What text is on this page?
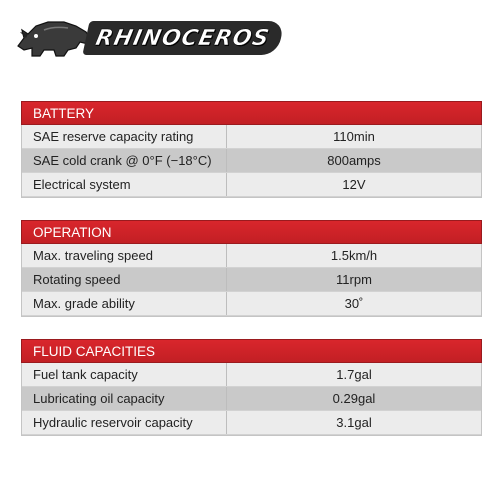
RHINOCEROS
BATTERY
SAE reserve capacity rating	110min
SAE cold crank @ 0°F (−18°C)	800amps
Electrical system	12V
OPERATION
Max. traveling speed	1.5km/h
Rotating speed	11rpm
Max. grade ability	30˚
FLUID CAPACITIES
Fuel tank capacity	1.7gal
Lubricating oil capacity	0.29gal
Hydraulic reservoir capacity	3.1gal
